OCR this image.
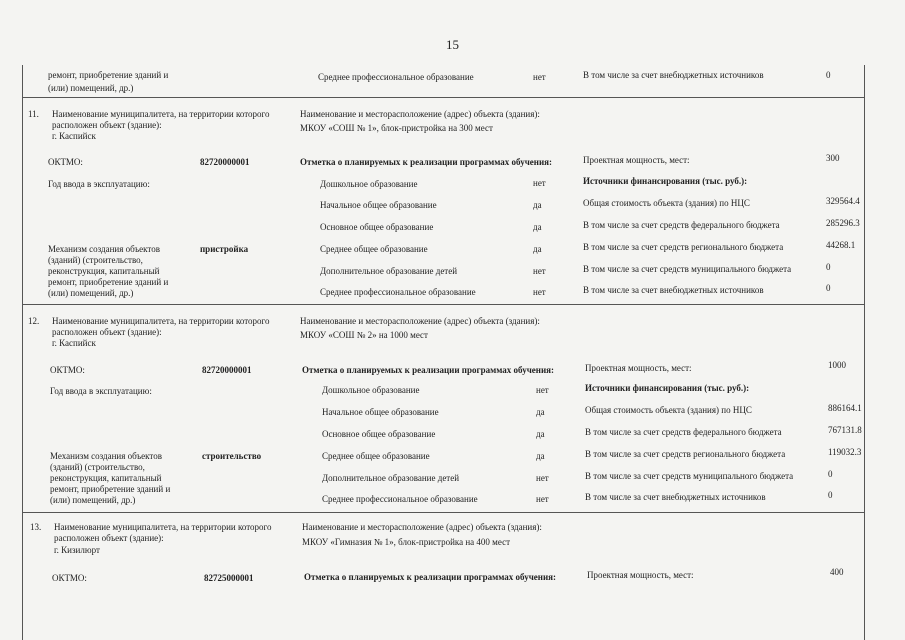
15
ремонт, приобретение зданий и
(или) помещений, др.)
Среднее профессиональное образование	нет	В том числе за счет внебюджетных источников	0
11. Наименование муниципалитета, на территории которого
расположен объект (здание):
г. Каспийск
Наименование и месторасположение (адрес) объекта (здания):
МКОУ «СОШ № 1», блок-пристройка на 300 мест
ОКТМО:	82720000001	Отметка о планируемых к реализации программах обучения:	Проектная мощность, мест:	300
Год ввода в эксплуатацию:	Дошкольное образование	нет	Источники финансирования (тыс. руб.):
Начальное общее образование	да	Общая стоимость объекта (здания) по НЦС	329564.4
Основное общее образование	да	В том числе за счет средств федерального бюджета	285296.3
Механизм создания объектов	пристройка	Среднее общее образование	да	В том числе за счет средств регионального бюджета	44268.1
(зданий) (строительство,
реконструкция, капитальный	Дополнительное образование детей	нет	В том числе за счет средств муниципального бюджета	0
ремонт, приобретение зданий и
(или) помещений, др.)	Среднее профессиональное образование	нет	В том числе за счет внебюджетных источников	0
12. Наименование муниципалитета, на территории которого
расположен объект (здание):
г. Каспийск
Наименование и месторасположение (адрес) объекта (здания):
МКОУ «СОШ № 2» на 1000 мест
ОКТМО:	82720000001	Отметка о планируемых к реализации программах обучения:	Проектная мощность, мест:	1000
Год ввода в эксплуатацию:	Дошкольное образование	нет	Источники финансирования (тыс. руб.):
Начальное общее образование	да	Общая стоимость объекта (здания) по НЦС	886164.1
Основное общее образование	да	В том числе за счет средств федерального бюджета	767131.8
Механизм создания объектов	строительство	Среднее общее образование	да	В том числе за счет средств регионального бюджета	119032.3
(зданий) (строительство,
реконструкция, капитальный	Дополнительное образование детей	нет	В том числе за счет средств муниципального бюджета	0
ремонт, приобретение зданий и
(или) помещений, др.)	Среднее профессиональное образование	нет	В том числе за счет внебюджетных источников	0
13. Наименование муниципалитета, на территории которого
расположен объект (здание):
г. Кизилюрт
Наименование и месторасположение (адрес) объекта (здания):
МКОУ «Гимназия № 1», блок-пристройка на 400 мест
ОКТМО:	82725000001	Отметка о планируемых к реализации программах обучения:	Проектная мощность, мест:	400
